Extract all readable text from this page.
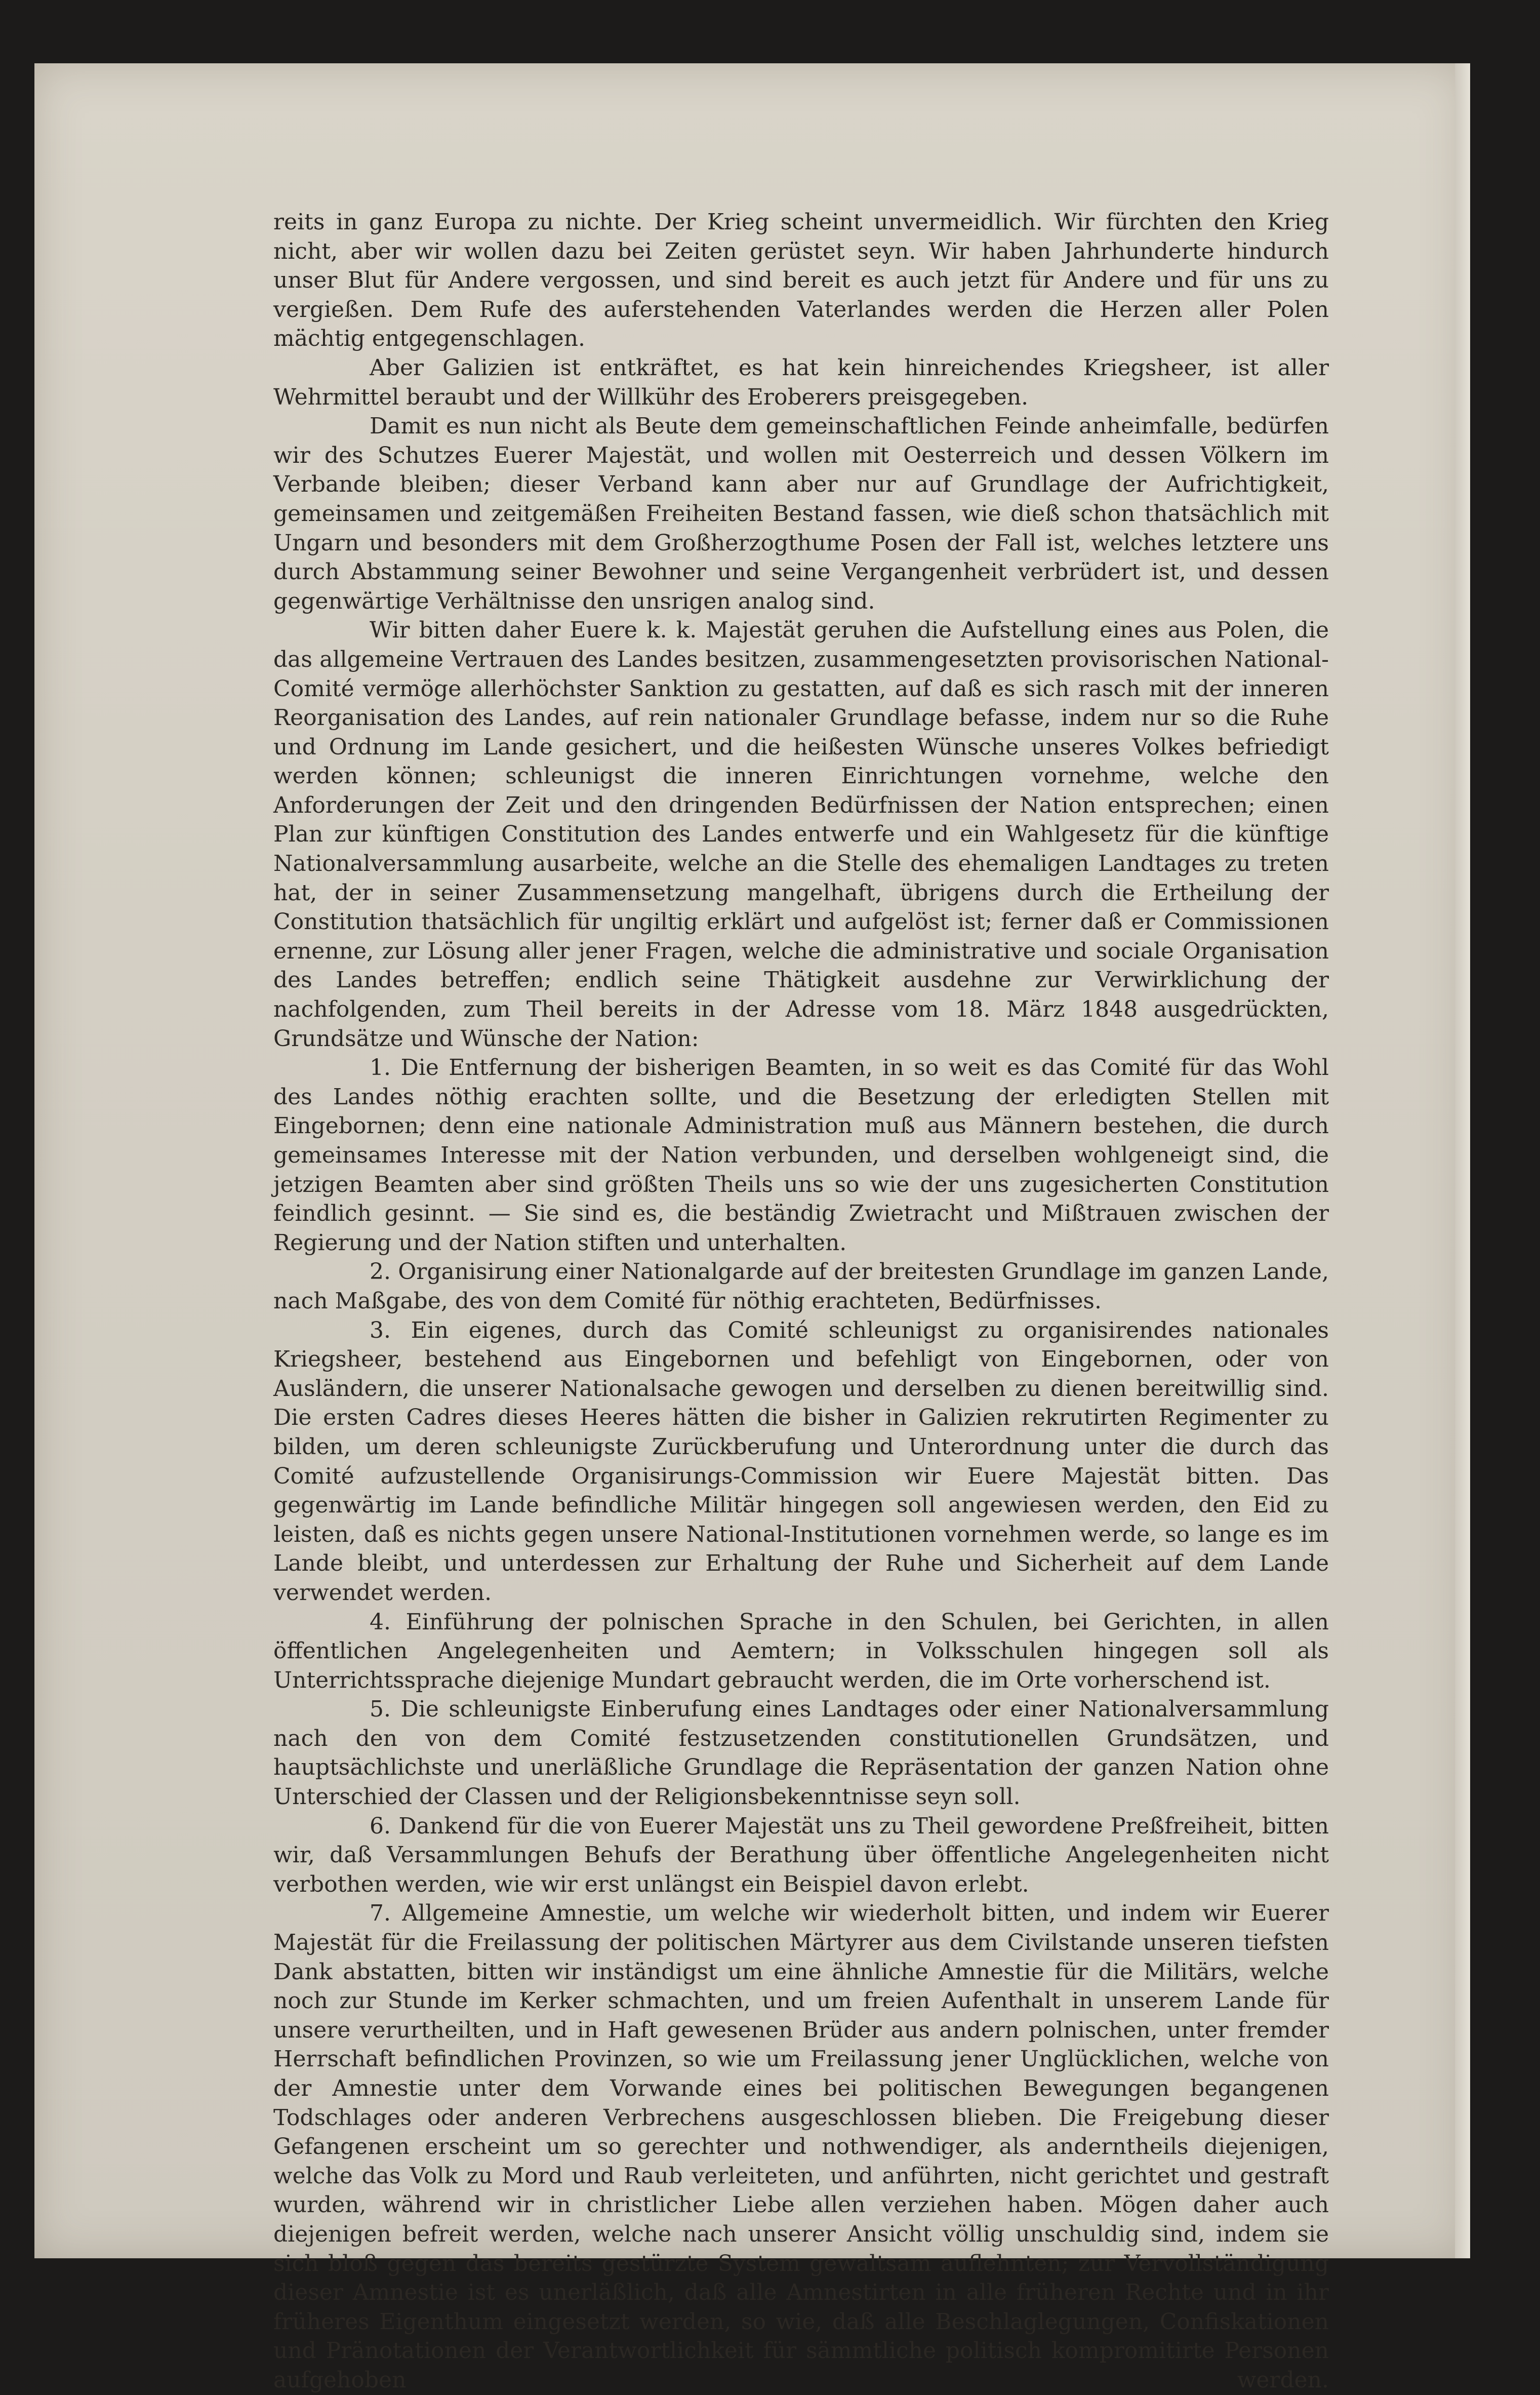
reits in ganz Europa zu nichte. Der Krieg scheint unvermeidlich. Wir fürchten den Krieg nicht, aber wir wollen dazu bei Zeiten gerüstet seyn. Wir haben Jahrhunderte hindurch unser Blut für Andere vergossen, und sind bereit es auch jetzt für Andere und für uns zu vergießen. Dem Rufe des auferstehenden Vaterlandes werden die Herzen aller Polen mächtig entgegenschlagen.

Aber Galizien ist entkräftet, es hat kein hinreichendes Kriegsheer, ist aller Wehrmittel beraubt und der Willkühr des Eroberers preisgegeben.

Damit es nun nicht als Beute dem gemeinschaftlichen Feinde anheimfalle, bedürfen wir des Schutzes Euerer Majestät, und wollen mit Oesterreich und dessen Völkern im Verbande bleiben; dieser Verband kann aber nur auf Grundlage der Aufrichtigkeit, gemeinsamen und zeitgemäßen Freiheiten Bestand fassen, wie dieß schon thatsächlich mit Ungarn und besonders mit dem Großherzogthume Posen der Fall ist, welches letztere uns durch Abstammung seiner Bewohner und seine Vergangenheit verbrüdert ist, und dessen gegenwärtige Verhältnisse den unsrigen analog sind.

Wir bitten daher Euere k. k. Majestät geruhen die Aufstellung eines aus Polen, die das allgemeine Vertrauen des Landes besitzen, zusammengesetzten provisorischen National-Comité vermöge allerhöchster Sanktion zu gestatten, auf daß es sich rasch mit der inneren Reorganisation des Landes, auf rein nationaler Grundlage befasse, indem nur so die Ruhe und Ordnung im Lande gesichert, und die heißesten Wünsche unseres Volkes befriedigt werden können; schleunigst die inneren Einrichtungen vornehme, welche den Anforderungen der Zeit und den dringenden Bedürfnissen der Nation entsprechen; einen Plan zur künftigen Constitution des Landes entwerfe und ein Wahlgesetz für die künftige Nationalversammlung ausarbeite, welche an die Stelle des ehemaligen Landtages zu treten hat, der in seiner Zusammensetzung mangelhaft, übrigens durch die Ertheilung der Constitution thatsächlich für ungiltig erklärt und aufgelöst ist; ferner daß er Commissionen ernenne, zur Lösung aller jener Fragen, welche die administrative und sociale Organisation des Landes betreffen; endlich seine Thätigkeit ausdehne zur Verwirklichung der nachfolgenden, zum Theil bereits in der Adresse vom 18. März 1848 ausgedrückten, Grundsätze und Wünsche der Nation:

1. Die Entfernung der bisherigen Beamten, in so weit es das Comité für das Wohl des Landes nöthig erachten sollte, und die Besetzung der erledigten Stellen mit Eingebornen; denn eine nationale Administration muß aus Männern bestehen, die durch gemeinsames Interesse mit der Nation verbunden, und derselben wohlgeneigt sind, die jetzigen Beamten aber sind größten Theils uns so wie der uns zugesicherten Constitution feindlich gesinnt. — Sie sind es, die beständig Zwietracht und Mißtrauen zwischen der Regierung und der Nation stiften und unterhalten.

2. Organisirung einer Nationalgarde auf der breitesten Grundlage im ganzen Lande, nach Maßgabe, des von dem Comité für nöthig erachteten, Bedürfnisses.

3. Ein eigenes, durch das Comité schleunigst zu organisirendes nationales Kriegsheer, bestehend aus Eingebornen und befehligt von Eingebornen, oder von Ausländern, die unserer Nationalsache gewogen und derselben zu dienen bereitwillig sind. Die ersten Cadres dieses Heeres hätten die bisher in Galizien rekrutirten Regimenter zu bilden, um deren schleunigste Zurückberufung und Unterordnung unter die durch das Comité aufzustellende Organisirungs-Commission wir Euere Majestät bitten. Das gegenwärtig im Lande befindliche Militär hingegen soll angewiesen werden, den Eid zu leisten, daß es nichts gegen unsere National-Institutionen vornehmen werde, so lange es im Lande bleibt, und unterdessen zur Erhaltung der Ruhe und Sicherheit auf dem Lande verwendet werden.

4. Einführung der polnischen Sprache in den Schulen, bei Gerichten, in allen öffentlichen Angelegenheiten und Aemtern; in Volksschulen hingegen soll als Unterrichtssprache diejenige Mundart gebraucht werden, die im Orte vorherschend ist.

5. Die schleunigste Einberufung eines Landtages oder einer Nationalversammlung nach den von dem Comité festzusetzenden constitutionellen Grundsätzen, und hauptsächlichste und unerläßliche Grundlage die Repräsentation der ganzen Nation ohne Unterschied der Classen und der Religionsbekenntnisse seyn soll.

6. Dankend für die von Euerer Majestät uns zu Theil gewordene Preßfreiheit, bitten wir, daß Versammlungen Behufs der Berathung über öffentliche Angelegenheiten nicht verbothen werden, wie wir erst unlängst ein Beispiel davon erlebt.

7. Allgemeine Amnestie, um welche wir wiederholt bitten, und indem wir Euerer Majestät für die Freilassung der politischen Märtyrer aus dem Civilstande unseren tiefsten Dank abstatten, bitten wir inständigst um eine ähnliche Amnestie für die Militärs, welche noch zur Stunde im Kerker schmachten, und um freien Aufenthalt in unserem Lande für unsere verurtheilten, und in Haft gewesenen Brüder aus andern polnischen, unter fremder Herrschaft befindlichen Provinzen, so wie um Freilassung jener Unglücklichen, welche von der Amnestie unter dem Vorwande eines bei politischen Bewegungen begangenen Todschlages oder anderen Verbrechens ausgeschlossen blieben. Die Freigebung dieser Gefangenen erscheint um so gerechter und nothwendiger, als anderntheils diejenigen, welche das Volk zu Mord und Raub verleiteten, und anführten, nicht gerichtet und gestraft wurden, während wir in christlicher Liebe allen verziehen haben. Mögen daher auch diejenigen befreit werden, welche nach unserer Ansicht völlig unschuldig sind, indem sie sich bloß gegen das bereits gestürzte System gewaltsam auflehnten; zur Vervollständigung dieser Amnestie ist es unerläßlich, daß alle Amnestirten in alle früheren Rechte und in ihr früheres Eigenthum eingesetzt werden, so wie, daß alle Beschlaglegungen, Confiskationen und Pränotationen der Verantwortlichkeit für sämmtliche politisch kompromitirte Personen aufgehoben werden.
